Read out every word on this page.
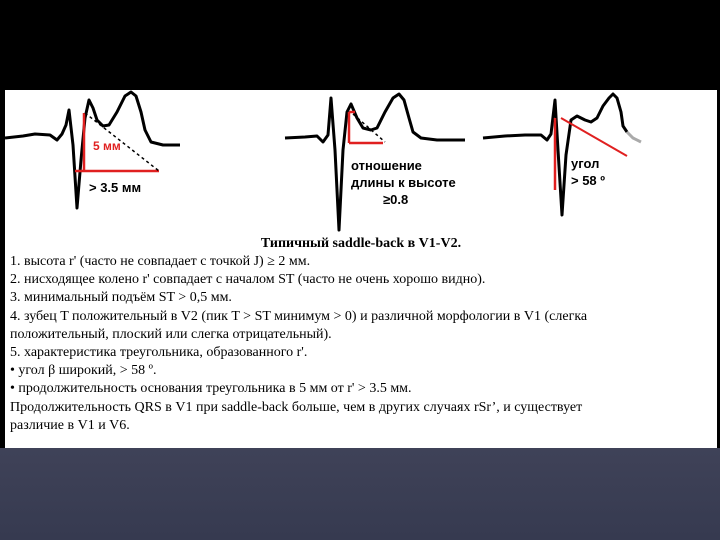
5 мм
> 3.5 мм
отношение
длины к высоте
≥0.8
угол
> 58 º

Типичный saddle-back в V1-V2.

1. высота r' (часто не совпадает с точкой J) ≥ 2 мм.
2. нисходящее колено r' совпадает с началом ST (часто не очень хорошо видно).
3. минимальный подъём ST > 0,5 мм.
4. зубец T положительный в V2 (пик T > ST минимум > 0) и различной морфологии в V1 (слегка
положительный, плоский или слегка отрицательный).
5. характеристика треугольника, образованного r'.
• угол β широкий, > 58 º.
• продолжительность основания треугольника в 5 мм от r' > 3.5 мм.
Продолжительность QRS в V1 при saddle-back больше, чем в других случаях rSr’, и существует
различие в V1 и V6.
